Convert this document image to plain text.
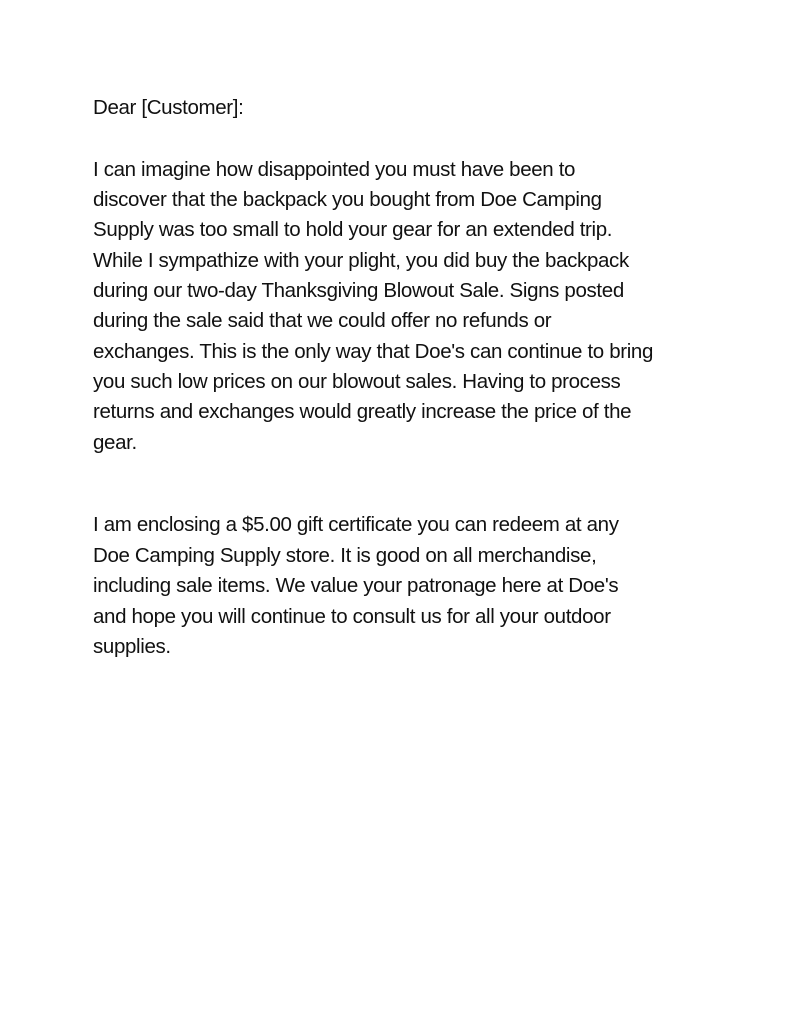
Dear [Customer]:
I can imagine how disappointed you must have been to
discover that the backpack you bought from Doe Camping
Supply was too small to hold your gear for an extended trip.
While I sympathize with your plight, you did buy the backpack
during our two-day Thanksgiving Blowout Sale. Signs posted
during the sale said that we could offer no refunds or
exchanges. This is the only way that Doe's can continue to bring
you such low prices on our blowout sales. Having to process
returns and exchanges would greatly increase the price of the
gear.
I am enclosing a $5.00 gift certificate you can redeem at any
Doe Camping Supply store. It is good on all merchandise,
including sale items. We value your patronage here at Doe's
and hope you will continue to consult us for all your outdoor
supplies.
